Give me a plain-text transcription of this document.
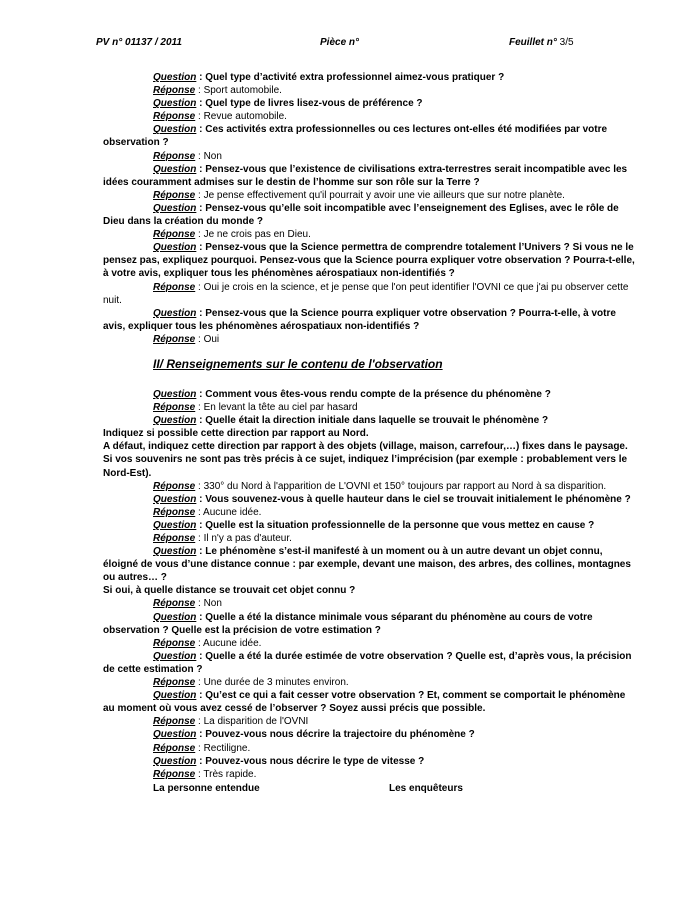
PV n° 01137 / 2011	Pièce n°	Feuillet n° 3/5

Question : Quel type d’activité extra professionnel aimez-vous pratiquer ?

Réponse : Sport automobile.

Question : Quel type de livres lisez-vous de préférence ?

Réponse : Revue automobile.

Question : Ces activités extra professionnelles ou ces lectures ont-elles été modifiées par votre observation ?

Réponse : Non

Question : Pensez-vous que l’existence de civilisations extra-terrestres serait incompatible avec les idées couramment admises sur le destin de l’homme sur son rôle sur la Terre ?

Réponse : Je pense effectivement qu'il pourrait y avoir une vie ailleurs que sur notre planète.

Question : Pensez-vous qu’elle soit incompatible avec l’enseignement des Eglises, avec le rôle de Dieu dans la création du monde ?

Réponse : Je ne crois pas en Dieu.

Question : Pensez-vous que la Science permettra de comprendre totalement l’Univers ? Si vous ne le pensez pas, expliquez pourquoi. Pensez-vous que la Science pourra expliquer votre observation ? Pourra-t-elle, à votre avis, expliquer tous les phénomènes aérospatiaux non-identifiés ?

Réponse : Oui je crois en la science, et je pense que l'on peut identifier l'OVNI ce que j'ai pu observer cette nuit.

Question : Pensez-vous que la Science pourra expliquer votre observation ? Pourra-t-elle, à votre avis, expliquer tous les phénomènes aérospatiaux non-identifiés ?

Réponse : Oui

II/ Renseignements sur le contenu de l'observation

Question : Comment vous êtes-vous rendu compte de la présence du phénomène ?

Réponse : En levant la tête au ciel par hasard

Question : Quelle était la direction initiale dans laquelle se trouvait le phénomène ?

Indiquez si possible cette direction par rapport au Nord.

A défaut, indiquez cette direction par rapport à des objets (village, maison, carrefour,…) fixes dans le paysage.

Si vos souvenirs ne sont pas très précis à ce sujet, indiquez l’imprécision (par exemple : probablement vers le Nord-Est).

Réponse : 330° du Nord à l'apparition de L'OVNI et 150° toujours par rapport au Nord à sa disparition.

Question : Vous souvenez-vous à quelle hauteur dans le ciel se trouvait initialement le phénomène ?

Réponse : Aucune idée.

Question : Quelle est la situation professionnelle de la personne que vous mettez en cause ?

Réponse : Il n'y a pas d'auteur.

Question : Le phénomène s’est-il manifesté à un moment ou à un autre devant un objet connu, éloigné de vous d’une distance connue : par exemple, devant une maison, des arbres, des collines, montagnes ou autres… ?

Si oui, à quelle distance se trouvait cet objet connu ?

Réponse : Non

Question : Quelle a été la distance minimale vous séparant du phénomène au cours de votre observation ? Quelle est la précision de votre estimation ?

Réponse : Aucune idée.

Question : Quelle a été la durée estimée de votre observation ? Quelle est, d’après vous, la précision de cette estimation ?

Réponse : Une durée de 3 minutes environ.

Question : Qu’est ce qui a fait cesser votre observation ? Et, comment se comportait le phénomène au moment où vous avez cessé de l’observer ? Soyez aussi précis que possible.

Réponse : La disparition de l'OVNI

Question : Pouvez-vous nous décrire la trajectoire du phénomène ?

Réponse : Rectiligne.

Question : Pouvez-vous nous décrire le type de vitesse ?

Réponse : Très rapide.

La personne entendue	Les enquêteurs
